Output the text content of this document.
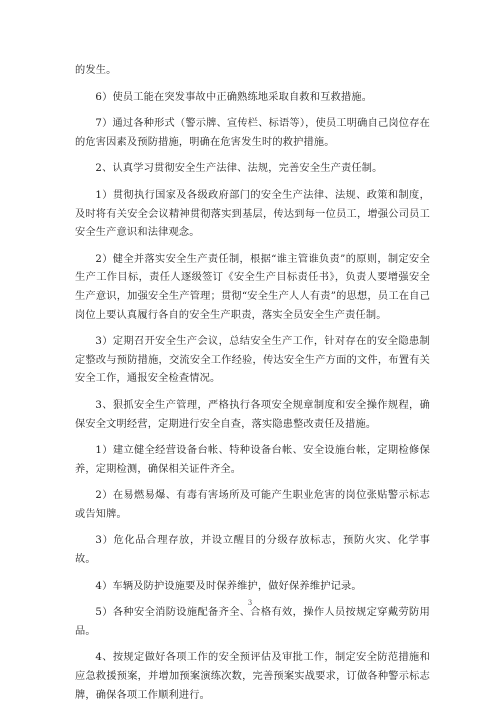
的发生。

6）使员工能在突发事故中正确熟练地采取自救和互救措施。

7）通过各种形式（警示牌、宣传栏、标语等），使员工明确自己岗位存在的危害因素及预防措施，明确在危害发生时的救护措施。

2、认真学习贯彻安全生产法律、法规，完善安全生产责任制。

1）贯彻执行国家及各级政府部门的安全生产法律、法规、政策和制度，及时将有关安全会议精神贯彻落实到基层，传达到每一位员工，增强公司员工安全生产意识和法律观念。

2）健全并落实安全生产责任制，根据“谁主管谁负责”的原则，制定安全生产工作目标，责任人逐级签订《安全生产目标责任书》，负责人要增强安全生产意识，加强安全生产管理；贯彻“安全生产人人有责”的思想，员工在自己岗位上要认真履行各自的安全生产职责，落实全员安全生产责任制。

3）定期召开安全生产会议，总结安全生产工作，针对存在的安全隐患制定整改与预防措施，交流安全工作经验，传达安全生产方面的文件，布置有关安全工作，通报安全检查情况。

3、狠抓安全生产管理，严格执行各项安全规章制度和安全操作规程，确保安全文明经营，定期进行安全自查，落实隐患整改责任及措施。

1）建立健全经营设备台帐、特种设备台帐、安全设施台帐，定期检修保养，定期检测，确保相关证件齐全。

2）在易燃易爆、有毒有害场所及可能产生职业危害的岗位张贴警示标志或告知牌。

3）危化品合理存放，并设立醒目的分级存放标志，预防火灾、化学事故。

4）车辆及防护设施要及时保养维护，做好保养维护记录。

5）各种安全消防设施配备齐全、合格有效，操作人员按规定穿戴劳防用品。

4、按规定做好各项工作的安全预评估及审批工作，制定安全防范措施和应急救援预案，并增加预案演练次数，完善预案实战要求，订做各种警示标志牌，确保各项工作顺利进行。

3
